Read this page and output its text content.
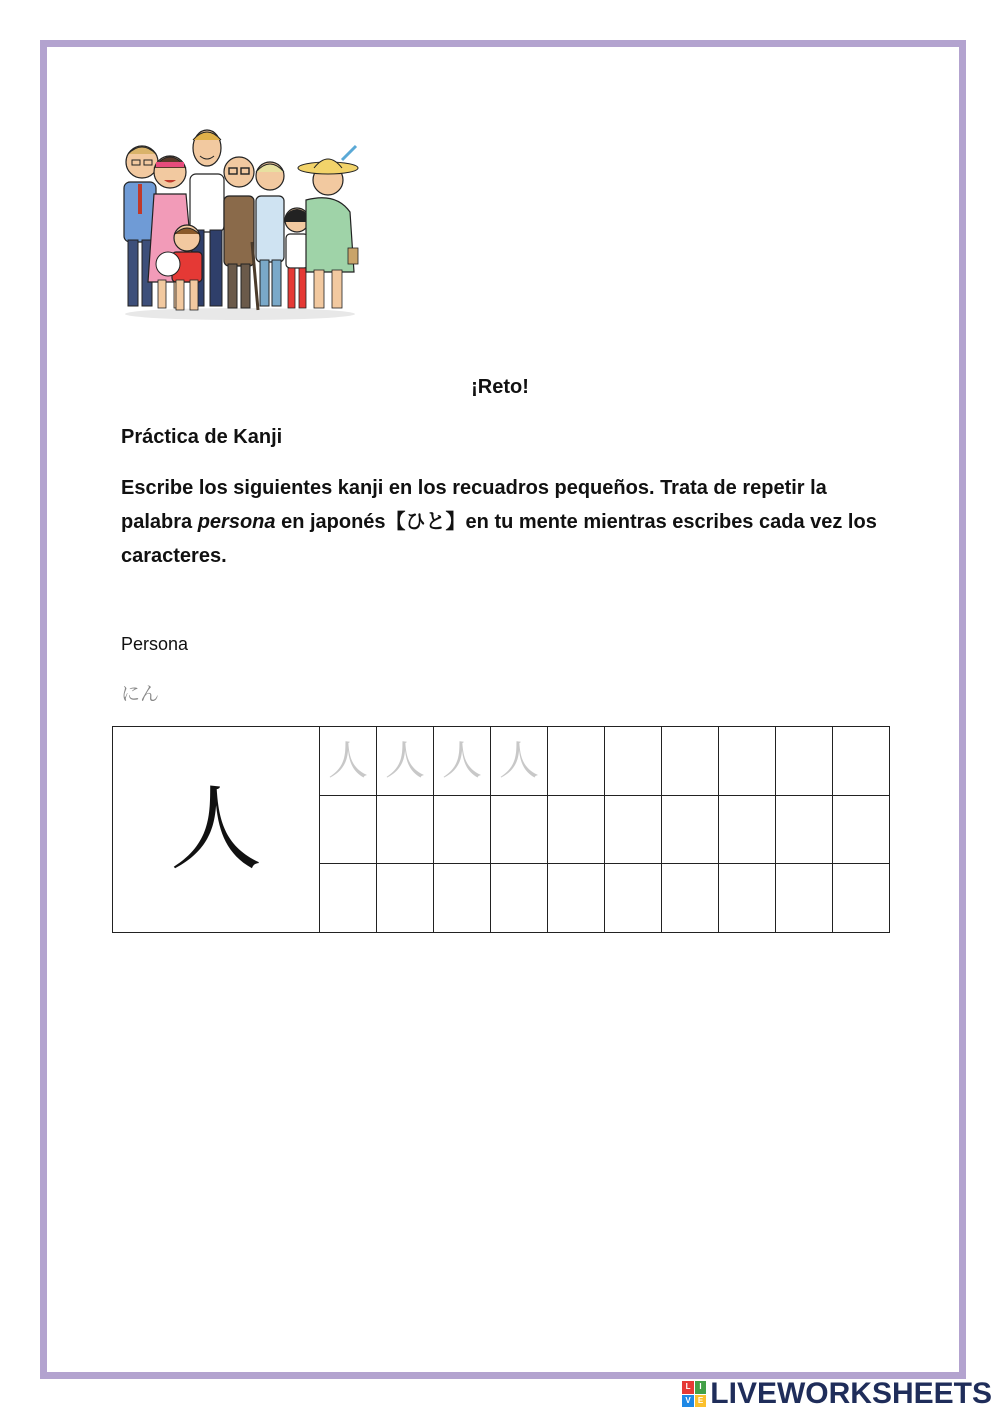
¡Reto!
Práctica de Kanji
Escribe los siguientes kanji en los recuadros pequeños. Trata de repetir la palabra persona en japonés【ひと】en tu mente mientras escribes cada vez los caracteres.
Persona
にん
人	人	人	人	人						

L	I
V E LIVEWORKSHEETS
